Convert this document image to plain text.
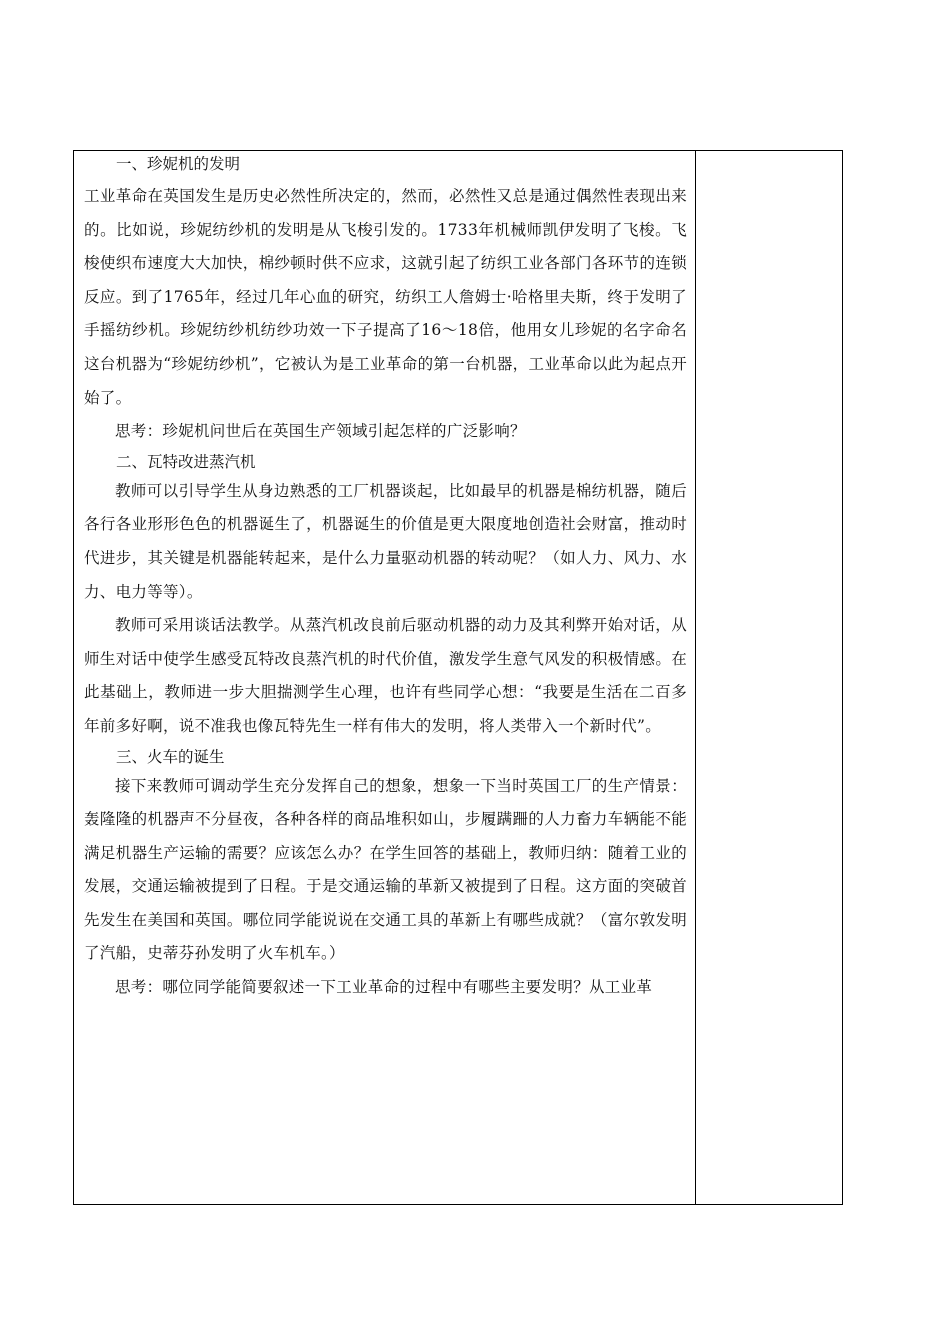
一、珍妮机的发明

工业革命在英国发生是历史必然性所决定的，然而，必然性又总是通过偶然性表现出来的。比如说，珍妮纺纱机的发明是从飞梭引发的。1733年机械师凯伊发明了飞梭。飞梭使织布速度大大加快，棉纱顿时供不应求，这就引起了纺织工业各部门各环节的连锁反应。到了1765年，经过几年心血的研究，纺织工人詹姆士·哈格里夫斯，终于发明了手摇纺纱机。珍妮纺纱机纺纱功效一下子提高了16～18倍，他用女儿珍妮的名字命名这台机器为“珍妮纺纱机”，它被认为是工业革命的第一台机器，工业革命以此为起点开始了。

思考：珍妮机问世后在英国生产领域引起怎样的广泛影响？

二、瓦特改进蒸汽机

教师可以引导学生从身边熟悉的工厂机器谈起，比如最早的机器是棉纺机器，随后各行各业形形色色的机器诞生了，机器诞生的价值是更大限度地创造社会财富，推动时代进步，其关键是机器能转起来，是什么力量驱动机器的转动呢？（如人力、风力、水力、电力等等）。

教师可采用谈话法教学。从蒸汽机改良前后驱动机器的动力及其利弊开始对话，从师生对话中使学生感受瓦特改良蒸汽机的时代价值，激发学生意气风发的积极情感。在此基础上，教师进一步大胆揣测学生心理，也许有些同学心想：“我要是生活在二百多年前多好啊，说不准我也像瓦特先生一样有伟大的发明，将人类带入一个新时代”。

三、火车的诞生

接下来教师可调动学生充分发挥自己的想象，想象一下当时英国工厂的生产情景：轰隆隆的机器声不分昼夜，各种各样的商品堆积如山，步履蹒跚的人力畜力车辆能不能满足机器生产运输的需要？应该怎么办？在学生回答的基础上，教师归纳：随着工业的发展，交通运输被提到了日程。于是交通运输的革新又被提到了日程。这方面的突破首先发生在美国和英国。哪位同学能说说在交通工具的革新上有哪些成就？（富尔敦发明了汽船，史蒂芬孙发明了火车机车。）

思考：哪位同学能简要叙述一下工业革命的过程中有哪些主要发明？从工业革
